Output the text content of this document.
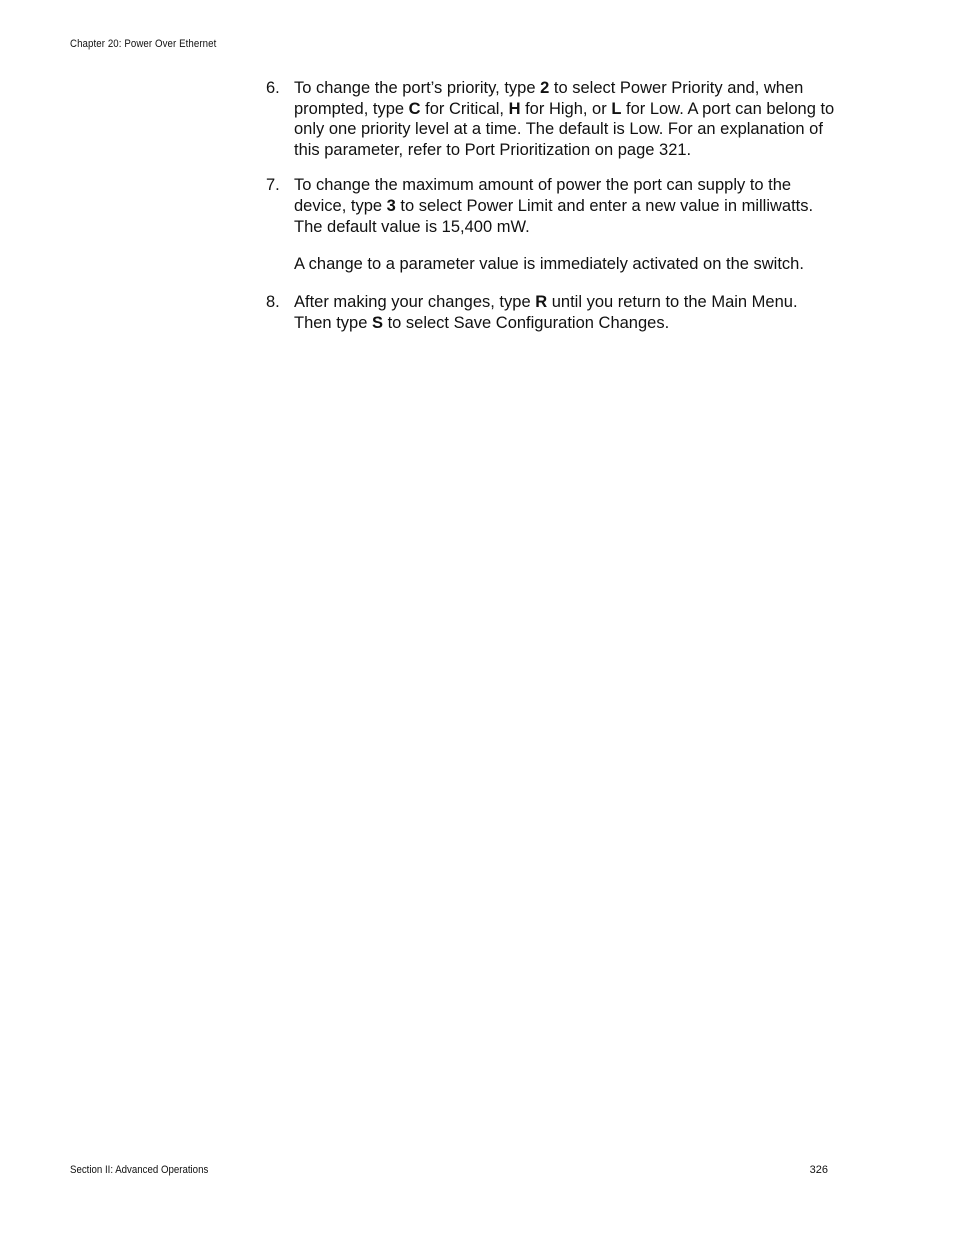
Chapter 20: Power Over Ethernet
6. To change the port’s priority, type 2 to select Power Priority and, when prompted, type C for Critical, H for High, or L for Low. A port can belong to only one priority level at a time. The default is Low. For an explanation of this parameter, refer to Port Prioritization on page 321.
7. To change the maximum amount of power the port can supply to the device, type 3 to select Power Limit and enter a new value in milliwatts. The default value is 15,400 mW.
A change to a parameter value is immediately activated on the switch.
8. After making your changes, type R until you return to the Main Menu. Then type S to select Save Configuration Changes.
Section II: Advanced Operations	326
